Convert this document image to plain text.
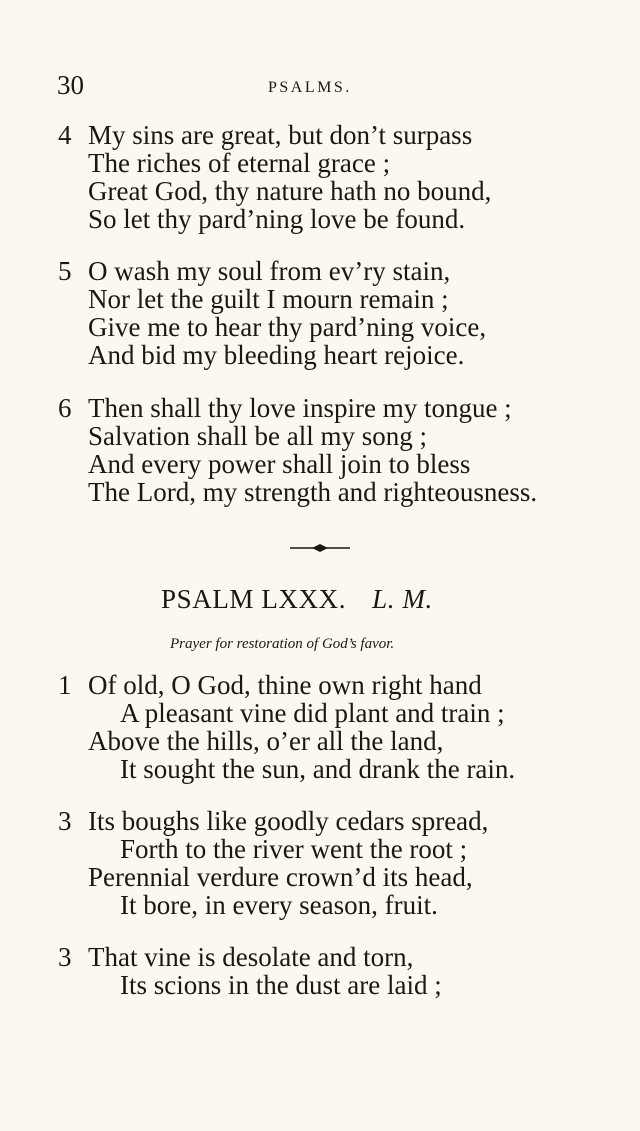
30	PSALMS.
4 My sins are great, but don’t surpass
The riches of eternal grace ;
Great God, thy nature hath no bound,
So let thy pard’ning love be found.
5 O wash my soul from ev’ry stain,
Nor let the guilt I mourn remain ;
Give me to hear thy pard’ning voice,
And bid my bleeding heart rejoice.
6 Then shall thy love inspire my tongue ;
Salvation shall be all my song ;
And every power shall join to bless
The Lord, my strength and righteousness.
PSALM LXXX. L. M.
Prayer for restoration of God’s favor.
1 Of old, O God, thine own right hand
A pleasant vine did plant and train ;
Above the hills, o’er all the land,
It sought the sun, and drank the rain.
3 Its boughs like goodly cedars spread,
Forth to the river went the root ;
Perennial verdure crown’d its head,
It bore, in every season, fruit.
3 That vine is desolate and torn,
Its scions in the dust are laid ;
